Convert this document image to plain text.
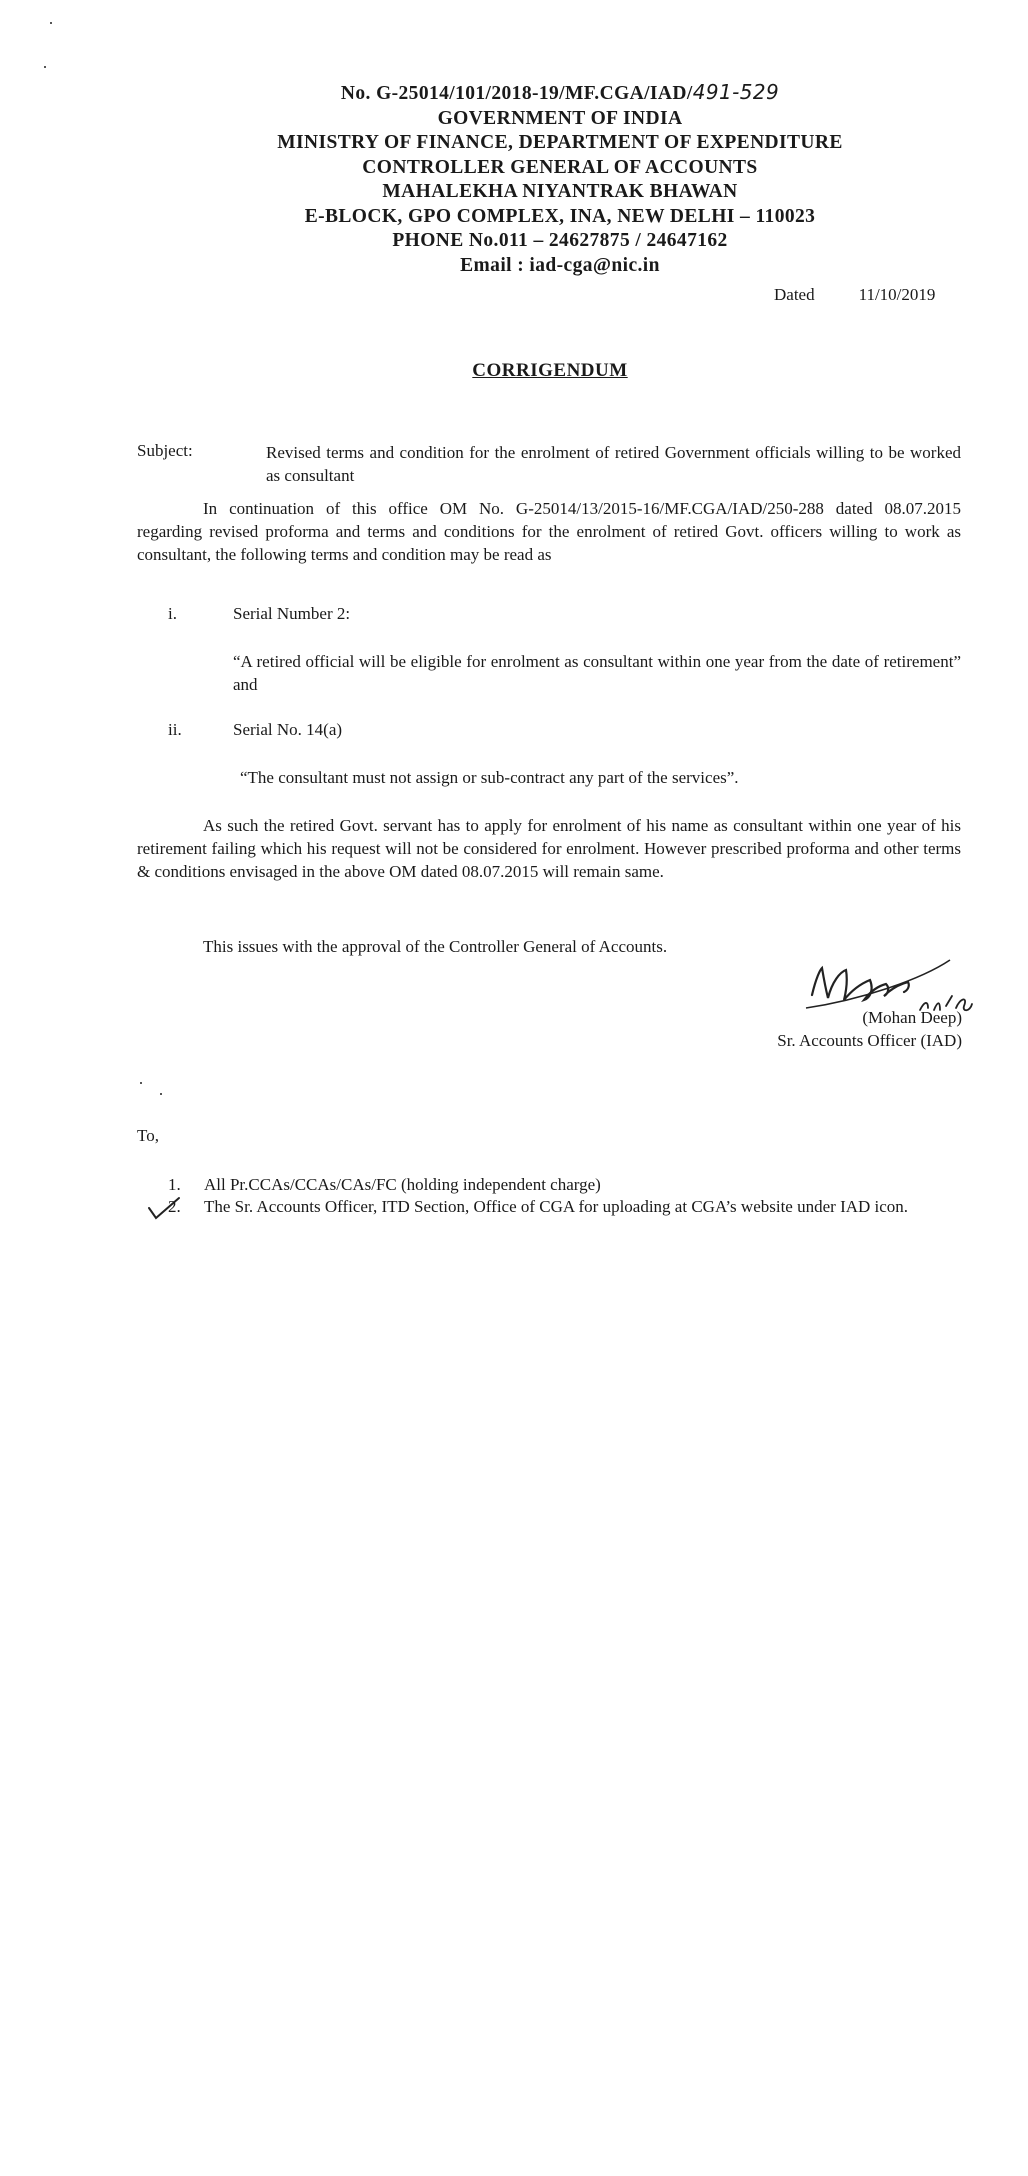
No. G-25014/101/2018-19/MF.CGA/IAD/491-529
GOVERNMENT OF INDIA
MINISTRY OF FINANCE, DEPARTMENT OF EXPENDITURE
CONTROLLER GENERAL OF ACCOUNTS
MAHALEKHA NIYANTRAK BHAWAN
E-BLOCK, GPO COMPLEX, INA, NEW DELHI – 110023
PHONE No.011 – 24627875 / 24647162
Email : iad-cga@nic.in
Dated	11/10/2019
CORRIGENDUM
Subject:	Revised terms and condition for the enrolment of retired Government officials willing to be worked as consultant
In continuation of this office OM No. G-25014/13/2015-16/MF.CGA/IAD/250-288 dated 08.07.2015 regarding revised proforma and terms and conditions for the enrolment of retired Govt. officers willing to work as consultant, the following terms and condition may be read as
i.	Serial Number 2:
“A retired official will be eligible for enrolment as consultant within one year from the date of retirement” and
ii.	Serial No. 14(a)
“The consultant must not assign or sub-contract any part of the services”.
As such the retired Govt. servant has to apply for enrolment of his name as consultant within one year of his retirement failing which his request will not be considered for enrolment. However prescribed proforma and other terms & conditions envisaged in the above OM dated 08.07.2015 will remain same.
This issues with the approval of the Controller General of Accounts.
(Mohan Deep)
Sr. Accounts Officer (IAD)
To,
1. All Pr.CCAs/CCAs/CAs/FC (holding independent charge)
2. The Sr. Accounts Officer, ITD Section, Office of CGA for uploading at CGA’s website under IAD icon.
